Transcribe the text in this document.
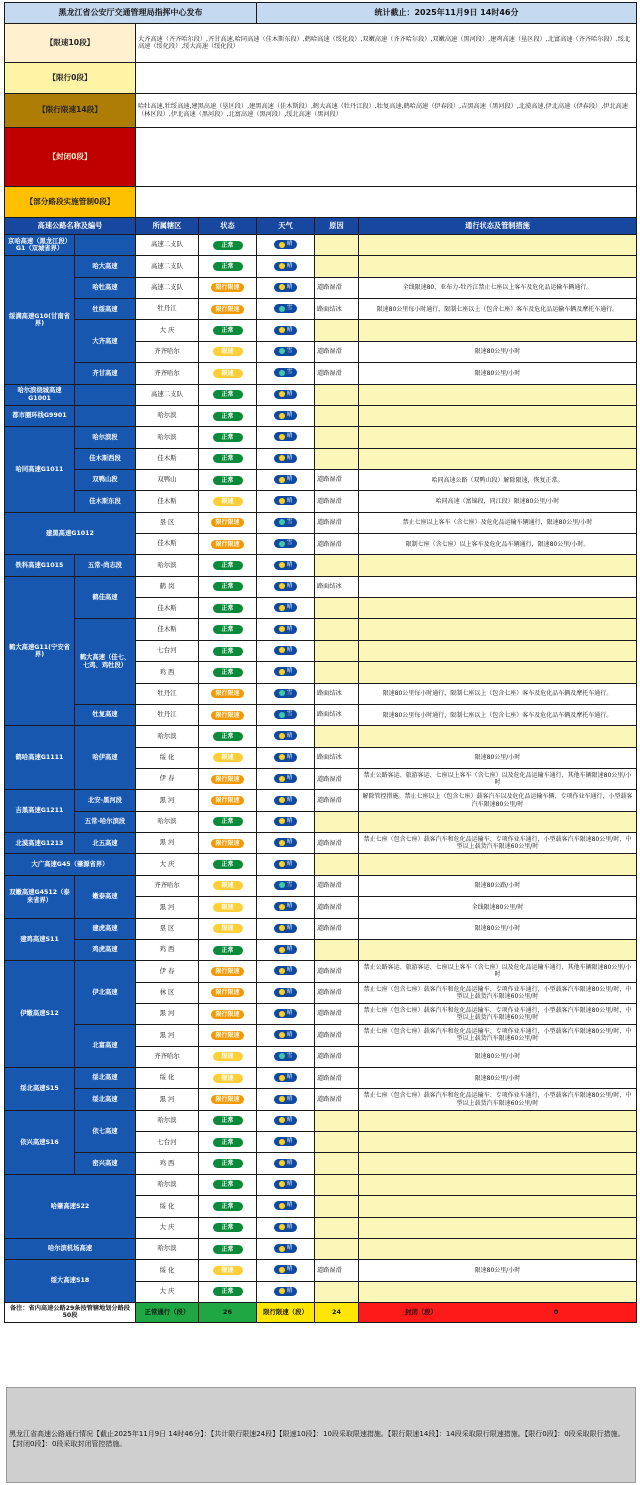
黑龙江省公安厅交通管理局指挥中心发布				统计截止：2025年11月9日 14时46分		
【限速10段】		大齐高速（齐齐哈尔段）,齐甘高速,哈同高速（佳木斯东段）,鹤哈高速（绥化段）,双嫩高速（齐齐哈尔段）,双嫩高速（黑河段）,建鸡高速（垦区段）,北富高速（齐齐哈尔段）,绥北高速（绥化段）,绥大高速（绥化段）				
【限行0段】						
【限行限速14段】		哈牡高速,牡绥高速,建黑高速（垦区段）,建黑高速（佳木斯段）,鹤大高速（牡丹江段）,牡复高速,鹤哈高速（伊春段）,吉黑高速（黑河段）,北漠高速,伊北高速（伊春段）,伊北高速（林区段）,伊北高速（黑河段）,北富高速（黑河段）,绥北高速（黑河段）				
【封闭0段】						
【部分路段实施管制0段】						
高速公路名称及编号		所属辖区	状态	天气	原因	通行状态及管制措施
京哈高速（黑龙江段）G1（双城省界）		高速二支队	正常	晴		

绥满高速G10(甘南省界)	哈大高速	高速二支队	正常	晴		

	哈牡高速	高速二支队	限行限速	晴	道路湿滑	全线限速80，亚布力-牡丹江禁止七座以上客车及危化品运输车辆通行。
	牡绥高速	牡丹江	限行限速	雪	路面结冰	限速80公里每小时通行，限制七座以上（包含七座）客车及危化品运输车辆及摩托车通行。
	大齐高速	大 庆	正常	晴		

		齐齐哈尔	限速	雪	道路湿滑	限速80公里/小时
	齐甘高速	齐齐哈尔	限速	雪	道路湿滑	限速80公里/小时
哈尔滨绕城高速G1001		高速二支队	正常	晴		

都市圈环线G9901		哈尔滨	正常	晴		

哈同高速G1011	哈尔滨段	哈尔滨	正常	晴		

	佳木斯西段	佳木斯	正常	晴		

	双鸭山段	双鸭山	正常	晴	道路湿滑	哈同高速公路（双鸭山段）解除限速，恢复正常。
	佳木斯东段	佳木斯	限速	晴	道路湿滑	哈同高速（富锦段，同江段）限速80公里/小时
建黑高速G1012		垦 区	限行限速	雪	道路湿滑	禁止七座以上客车（含七座）及危化品运输车辆通行，限速80公里/小时
		佳木斯	限行限速	雪	道路湿滑	限制七座（含七座）以上客车及危化品车辆通行，限速80公里/小时。
铁科高速G1015	五常-尚志段	哈尔滨	正常	晴		

鹤大高速G11(宁安省界)	鹤佳高速	鹤 岗	正常	晴	路面结冰	
		佳木斯	正常	晴		

	鹤大高速（佳七、七鸡、鸡牡段）	佳木斯	正常	晴		

		七台河	正常	晴		

		鸡 西	正常	晴		

		牡丹江	限行限速	雪	路面结冰	限速80公里每小时通行，限制七座以上（包含七座）客车及危化品车辆及摩托车通行。
	牡复高速	牡丹江	限行限速	雪	路面结冰	限速80公里每小时通行，限制七座以上（包含七座）客车及危化品车辆及摩托车通行。
鹤哈高速G1111	哈伊高速	哈尔滨	正常	晴		

		绥 化	限速	晴	路面结冰	限速80公里/小时
		伊 春	限行限速	晴	道路湿滑	禁止公路客运、旅游客运、七座以上客车（含七座）以及危化品运输车通行，其他车辆限速80公里/小时
吉黑高速G1211	北安-黑河段	黑 河	限行限速	晴	道路湿滑	解除管控措施。禁止七座以上（包含七座）载客汽车以及危化品运输车辆、专项作业车通行，小型载客汽车限速80公里/时
	五常-哈尔滨段	哈尔滨	正常	晴		

北漠高速G1213	北五高速	黑 河	限行限速	晴	道路湿滑	禁止七座（包含七座）载客汽车和危化品运输车、专项作业车通行，小型载客汽车限速80公里/时，中型以上载货汽车限速60公里/时
大广高速G45（肇源省界）		大 庆	正常	晴		

双嫩高速G4512（泰来省界）	嫩泰高速	齐齐哈尔	限速	雪	道路湿滑	限速80公路/小时
		黑 河	限速	晴	道路湿滑	全线限速80公里/时
建鸡高速S11	建虎高速	垦 区	限速	晴	道路湿滑	限速80公里/小时
	鸡虎高速	鸡 西	正常	晴		

伊嫩高速S12	伊北高速	伊 春	限行限速	晴	道路湿滑	禁止公路客运、旅游客运、七座以上客车（含七座）以及危化品运输车通行，其他车辆限速80公里/小时
		林 区	限行限速	晴	道路湿滑	禁止七座（包含七座）载客汽车和危化品运输车、专项作业车通行，小型载客汽车限速80公里/时，中型以上载货汽车限速60公里/时
		黑 河	限行限速	晴	道路湿滑	禁止七座（包含七座）载客汽车和危化品运输车、专项作业车通行，小型载客汽车限速80公里/时，中型以上载货汽车限速60公里/时
	北富高速	黑 河	限行限速	晴	道路湿滑	禁止七座（包含七座）载客汽车和危化品运输车、专项作业车通行，小型载客汽车限速80公里/时，中型以上载货汽车限速60公里/时
		齐齐哈尔	限速	雪	道路湿滑	限速80公里/小时
绥北高速S15	绥北高速	绥 化	限速	晴	道路湿滑	限速80公里/小时
	绥北高速	黑 河	限行限速	晴	道路湿滑	禁止七座（包含七座）载客汽车和危化品运输车、专项作业车通行，小型载客汽车限速80公里/时，中型以上载货汽车限速60公里/时
依兴高速S16	依七高速	哈尔滨	正常	晴		

		七台河	正常	晴		

	密兴高速	鸡 西	正常	晴		

哈肇高速S22		哈尔滨	正常	晴		

		绥 化	正常	晴		

		大 庆	正常	晴		

哈尔滨机场高速		哈尔滨	正常	晴		

绥大高速S18		绥 化	限速	晴	道路湿滑	限速80公里/小时
		大 庆	正常	晴		

备注：省内高速公路29条按管辖地划分路段50段		正常通行（段）	26	限行限速（段）	24	封闭（段） 0

黑龙江省高速公路通行情况【截止2025年11月9日 14时46分】：【共计限行限速24段】【限速10段】：10段采取限速措施。【限行限速14段】：14段采取限行限速措施。【限行0段】：0段采取限行措施。【封闭0段】：0段采取封闭管控措施。
